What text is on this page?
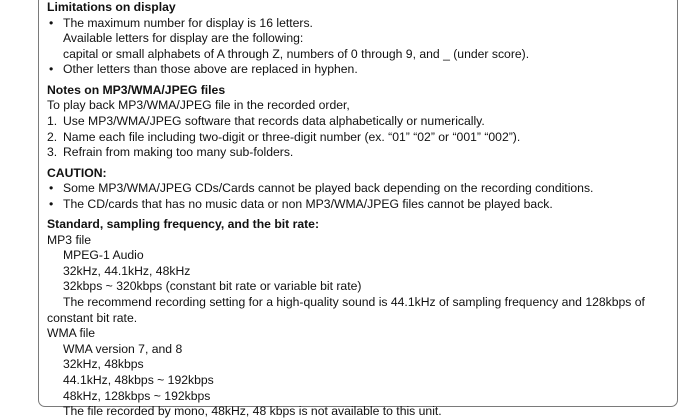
Limitations on display
• The maximum number for display is 16 letters.
Available letters for display are the following:
capital or small alphabets of A through Z, numbers of 0 through 9, and _ (under score).
• Other letters than those above are replaced in hyphen.
Notes on MP3/WMA/JPEG files
To play back MP3/WMA/JPEG file in the recorded order,
1. Use MP3/WMA/JPEG software that records data alphabetically or numerically.
2. Name each file including two-digit or three-digit number (ex. “01” “02” or “001” “002”).
3. Refrain from making too many sub-folders.
CAUTION:
• Some MP3/WMA/JPEG CDs/Cards cannot be played back depending on the recording conditions.
• The CD/cards that has no music data or non MP3/WMA/JPEG files cannot be played back.
Standard, sampling frequency, and the bit rate:
MP3 file
MPEG-1 Audio
32kHz, 44.1kHz, 48kHz
32kbps ~ 320kbps (constant bit rate or variable bit rate)
The recommend recording setting for a high-quality sound is 44.1kHz of sampling frequency and 128kbps of
constant bit rate.
WMA file
WMA version 7, and 8
32kHz, 48kbps
44.1kHz, 48kbps ~ 192kbps
48kHz, 128kbps ~ 192kbps
The file recorded by mono, 48kHz, 48 kbps is not available to this unit.
